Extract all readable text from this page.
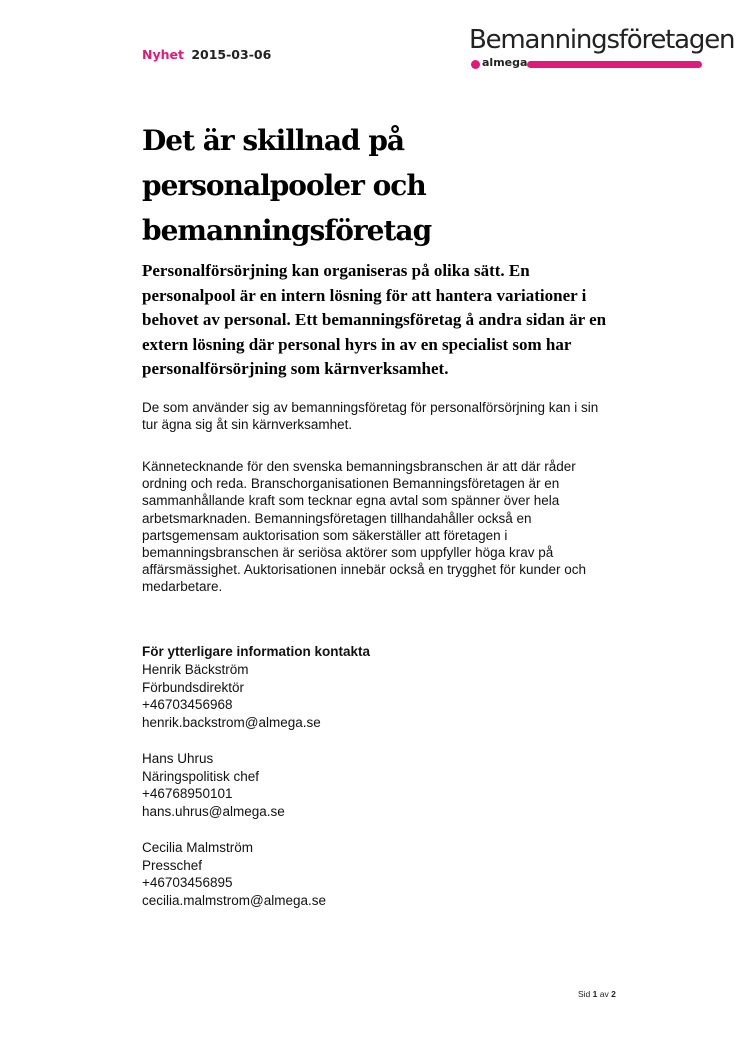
Nyhet 2015-03-06	Bemanningsföretagen
almega
Det är skillnad på personalpooler och bemanningsföretag

Personalförsörjning kan organiseras på olika sätt. En personalpool är en intern lösning för att hantera variationer i behovet av personal. Ett bemanningsföretag å andra sidan är en extern lösning där personal hyrs in av en specialist som har personalförsörjning som kärnverksamhet.

De som använder sig av bemanningsföretag för personalförsörjning kan i sin tur ägna sig åt sin kärnverksamhet.

Kännetecknande för den svenska bemanningsbranschen är att där råder ordning och reda. Branschorganisationen Bemanningsföretagen är en sammanhållande kraft som tecknar egna avtal som spänner över hela arbetsmarknaden. Bemanningsföretagen tillhandahåller också en partsgemensam auktorisation som säkerställer att företagen i bemanningsbranschen är seriösa aktörer som uppfyller höga krav på affärsmässighet. Auktorisationen innebär också en trygghet för kunder och medarbetare.

För ytterligare information kontakta
Henrik Bäckström
Förbundsdirektör
+46703456968
henrik.backstrom@almega.se
Hans Uhrus
Näringspolitisk chef
+46768950101
hans.uhrus@almega.se
Cecilia Malmström
Presschef
+46703456895
cecilia.malmstrom@almega.se
Sid 1 av 2
